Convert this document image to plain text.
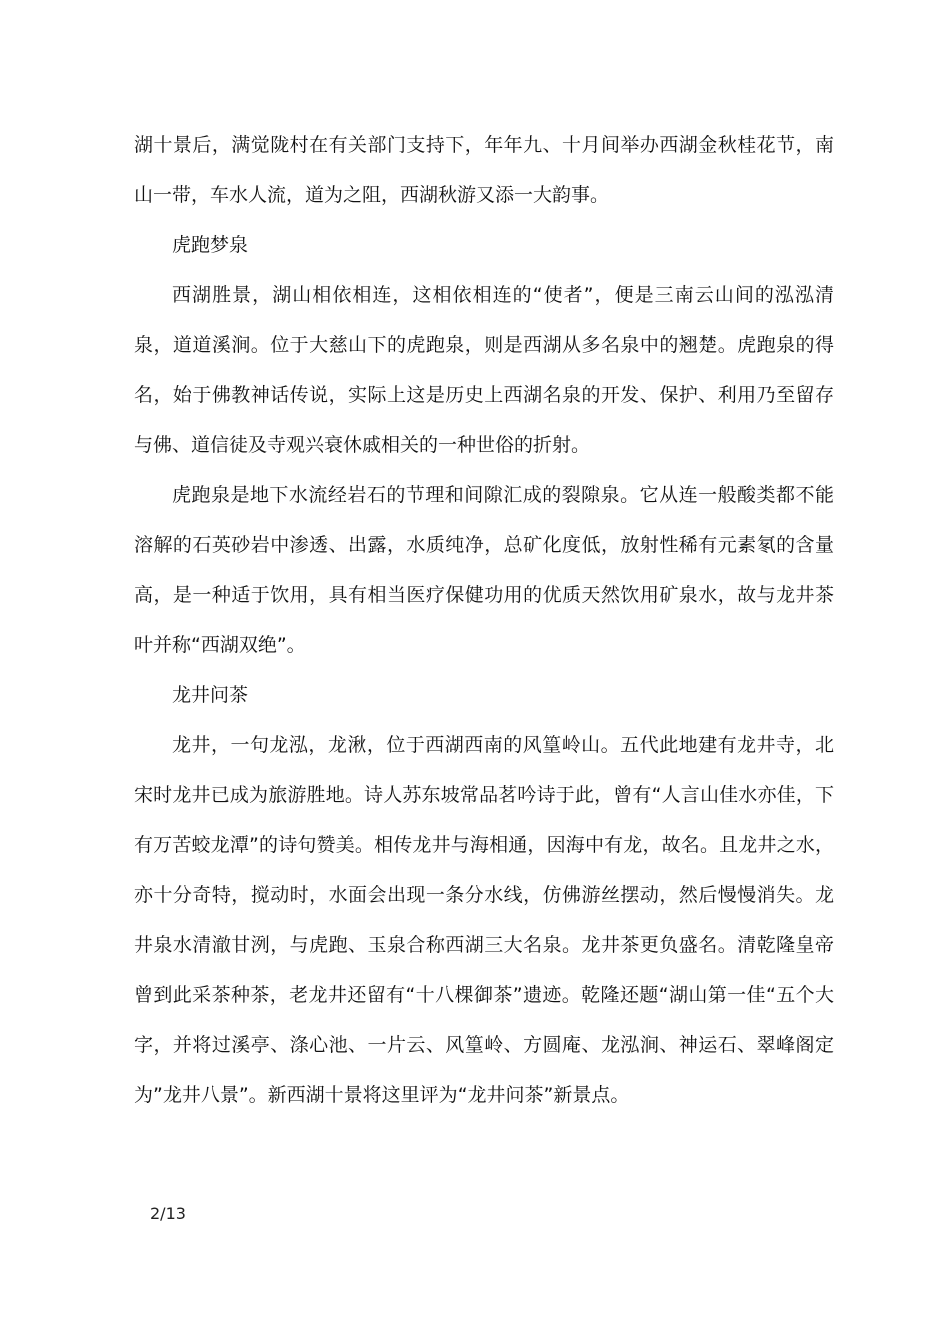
湖十景后，满觉陇村在有关部门支持下，年年九、十月间举办西湖金秋桂花节，南山一带，车水人流，道为之阻，西湖秋游又添一大韵事。

虎跑梦泉

西湖胜景，湖山相依相连，这相依相连的“使者”，便是三南云山间的泓泓清泉，道道溪涧。位于大慈山下的虎跑泉，则是西湖从多名泉中的翘楚。虎跑泉的得名，始于佛教神话传说，实际上这是历史上西湖名泉的开发、保护、利用乃至留存与佛、道信徒及寺观兴衰休戚相关的一种世俗的折射。

虎跑泉是地下水流经岩石的节理和间隙汇成的裂隙泉。它从连一般酸类都不能溶解的石英砂岩中渗透、出露，水质纯净，总矿化度低，放射性稀有元素氡的含量高，是一种适于饮用，具有相当医疗保健功用的优质天然饮用矿泉水，故与龙井茶叶并称“西湖双绝”。

龙井问茶

龙井，一句龙泓，龙湫，位于西湖西南的风篁岭山。五代此地建有龙井寺，北宋时龙井已成为旅游胜地。诗人苏东坡常品茗吟诗于此，曾有“人言山佳水亦佳，下有万苦蛟龙潭”的诗句赞美。相传龙井与海相通，因海中有龙，故名。且龙井之水，亦十分奇特，搅动时，水面会出现一条分水线，仿佛游丝摆动，然后慢慢消失。龙井泉水清澈甘洌，与虎跑、玉泉合称西湖三大名泉。龙井茶更负盛名。清乾隆皇帝曾到此采茶种茶，老龙井还留有“十八棵御茶”遗迹。乾隆还题“湖山第一佳“五个大字，并将过溪亭、涤心池、一片云、风篁岭、方圆庵、龙泓涧、神运石、翠峰阁定为”龙井八景”。新西湖十景将这里评为“龙井问茶”新景点。

2/13
